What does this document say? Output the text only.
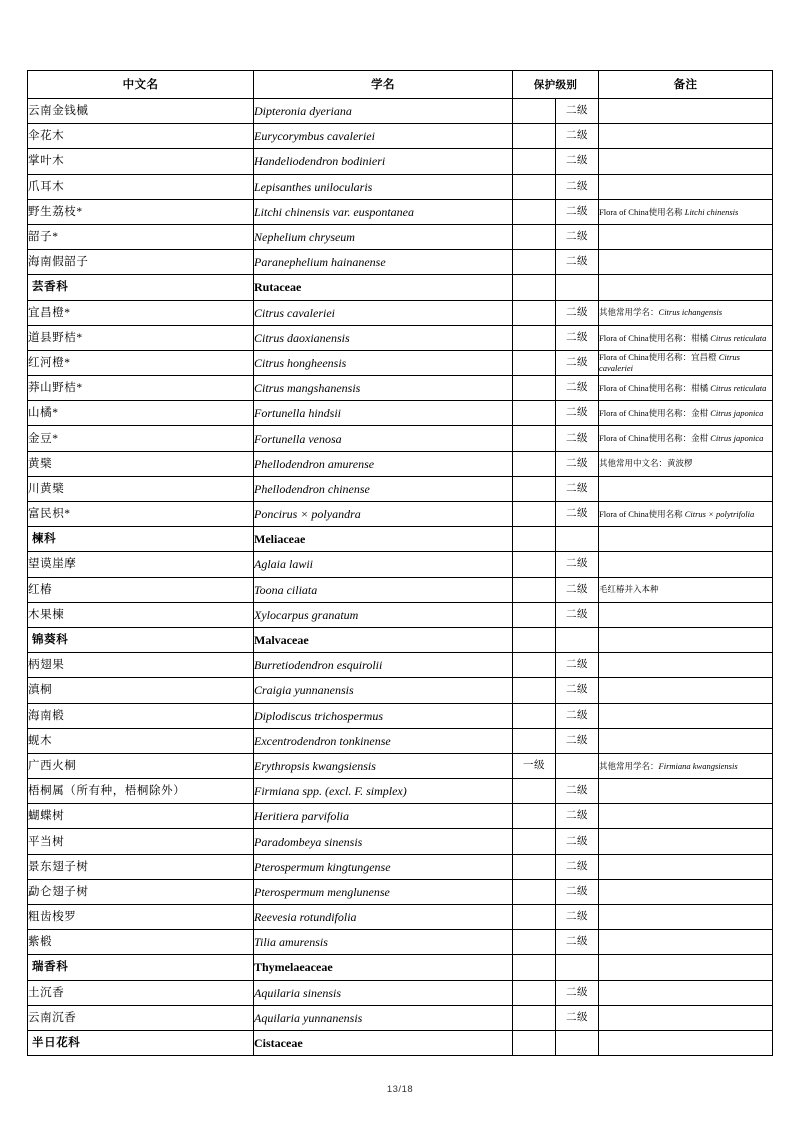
中文名	学名	保护级别		备注
云南金钱槭	Dipteronia dyeriana		二级	
伞花木	Eurycorymbus cavaleriei		二级	
掌叶木	Handeliodendron bodinieri		二级	
爪耳木	Lepisanthes unilocularis		二级	
野生荔枝*	Litchi chinensis var. euspontanea		二级	Flora of China使用名称 Litchi chinensis
韶子*	Nephelium chryseum		二级	
海南假韶子	Paranephelium hainanense		二级	
芸香科	Rutaceae			
宜昌橙*	Citrus cavaleriei		二级	其他常用学名：Citrus ichangensis
道县野桔*	Citrus daoxianensis		二级	Flora of China使用名称：柑橘 Citrus reticulata
红河橙*	Citrus hongheensis		二级	Flora of China使用名称：宜昌橙 Citrus cavaleriei
莽山野桔*	Citrus mangshanensis		二级	Flora of China使用名称：柑橘 Citrus reticulata
山橘*	Fortunella hindsii		二级	Flora of China使用名称：金柑 Citrus japonica
金豆*	Fortunella venosa		二级	Flora of China使用名称：金柑 Citrus japonica
黄檗	Phellodendron amurense		二级	其他常用中文名：黄波椤
川黄檗	Phellodendron chinense		二级	
富民枳*	Poncirus × polyandra		二级	Flora of China使用名称 Citrus × polytrifolia
楝科	Meliaceae			
望谟崖摩	Aglaia lawii		二级	
红椿	Toona ciliata		二级	毛红椿并入本种
木果楝	Xylocarpus granatum		二级	
锦葵科	Malvaceae			
柄翅果	Burretiodendron esquirolii		二级	
滇桐	Craigia yunnanensis		二级	
海南椴	Diplodiscus trichospermus		二级	
蚬木	Excentrodendron tonkinense		二级	
广西火桐	Erythropsis kwangsiensis	一级		其他常用学名：Firmiana kwangsiensis
梧桐属（所有种，梧桐除外）	Firmiana spp. (excl. F. simplex)		二级	
蝴蝶树	Heritiera parvifolia		二级	
平当树	Paradombeya sinensis		二级	
景东翅子树	Pterospermum kingtungense		二级	
勐仑翅子树	Pterospermum menglunense		二级	
粗齿梭罗	Reevesia rotundifolia		二级	
紫椴	Tilia amurensis		二级	
瑞香科	Thymelaeaceae			
土沉香	Aquilaria sinensis		二级	
云南沉香	Aquilaria yunnanensis		二级	
半日花科	Cistaceae			
13/18
